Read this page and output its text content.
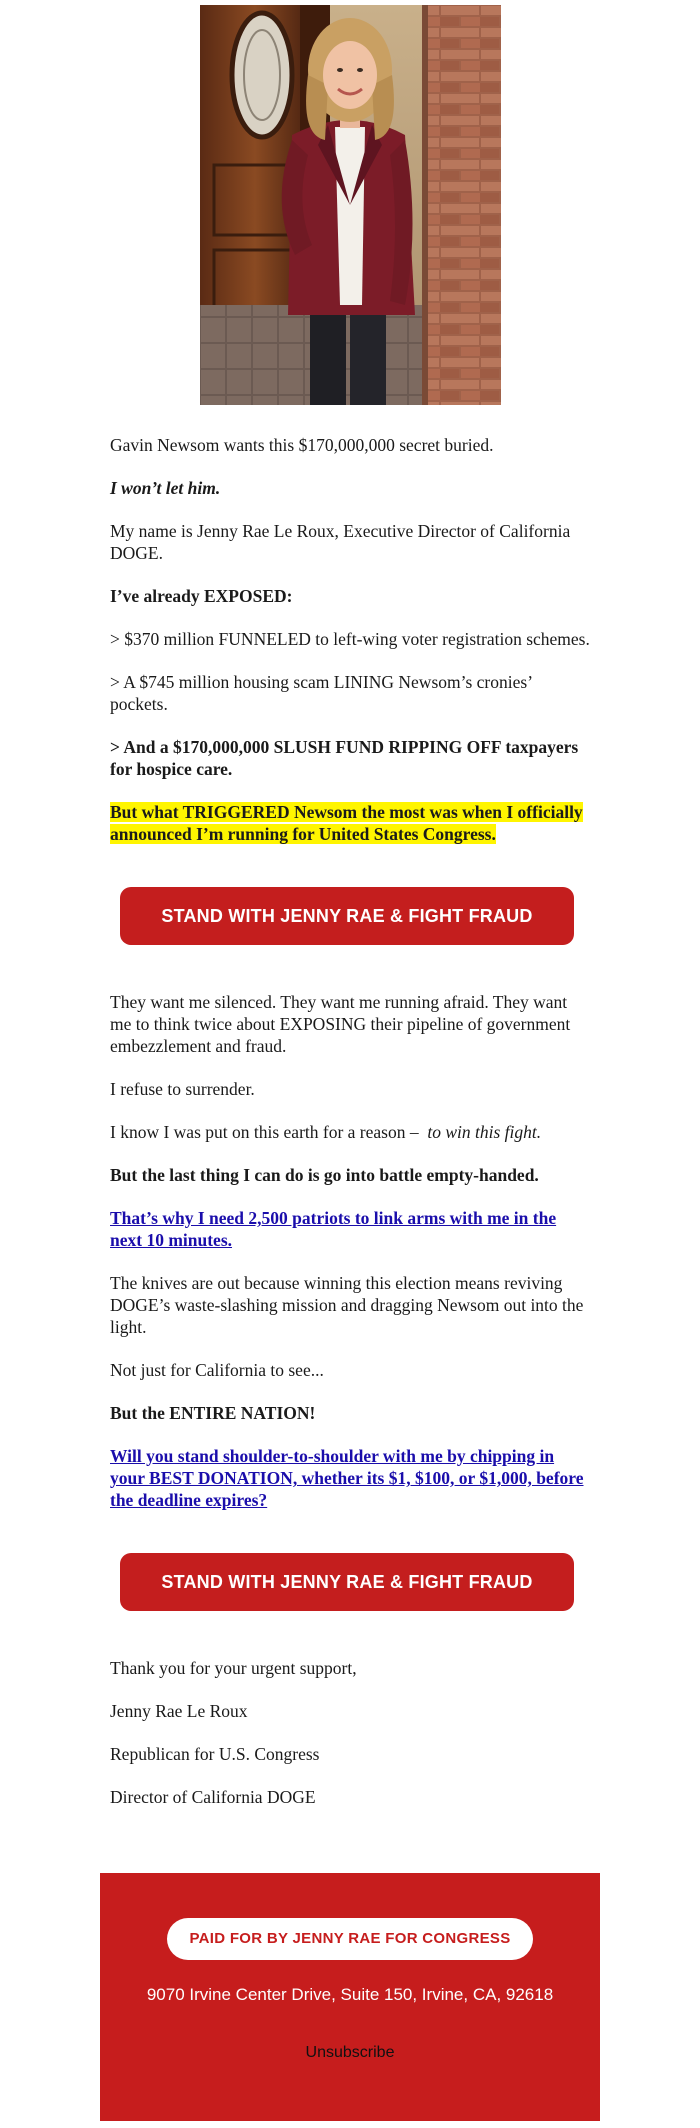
Gavin Newsom wants this $170,000,000 secret buried.

I won’t let him.

My name is Jenny Rae Le Roux, Executive Director of California DOGE.

I’ve already EXPOSED:

> $370 million FUNNELED to left-wing voter registration schemes.

> A $745 million housing scam LINING Newsom’s cronies’ pockets.

> And a $170,000,000 SLUSH FUND RIPPING OFF taxpayers for hospice care.

But what TRIGGERED Newsom the most was when I officially announced I’m running for United States Congress.

STAND WITH JENNY RAE & FIGHT FRAUD

They want me silenced. They want me running afraid. They want me to think twice about EXPOSING their pipeline of government embezzlement and fraud.

I refuse to surrender.

I know I was put on this earth for a reason – to win this fight.

But the last thing I can do is go into battle empty-handed.

That’s why I need 2,500 patriots to link arms with me in the next 10 minutes.

The knives are out because winning this election means reviving DOGE’s waste-slashing mission and dragging Newsom out into the light.

Not just for California to see...

But the ENTIRE NATION!

Will you stand shoulder-to-shoulder with me by chipping in your BEST DONATION, whether its $1, $100, or $1,000, before the deadline expires?

STAND WITH JENNY RAE & FIGHT FRAUD

Thank you for your urgent support,

Jenny Rae Le Roux

Republican for U.S. Congress

Director of California DOGE

PAID FOR BY JENNY RAE FOR CONGRESS
9070 Irvine Center Drive, Suite 150, Irvine, CA, 92618
Unsubscribe
